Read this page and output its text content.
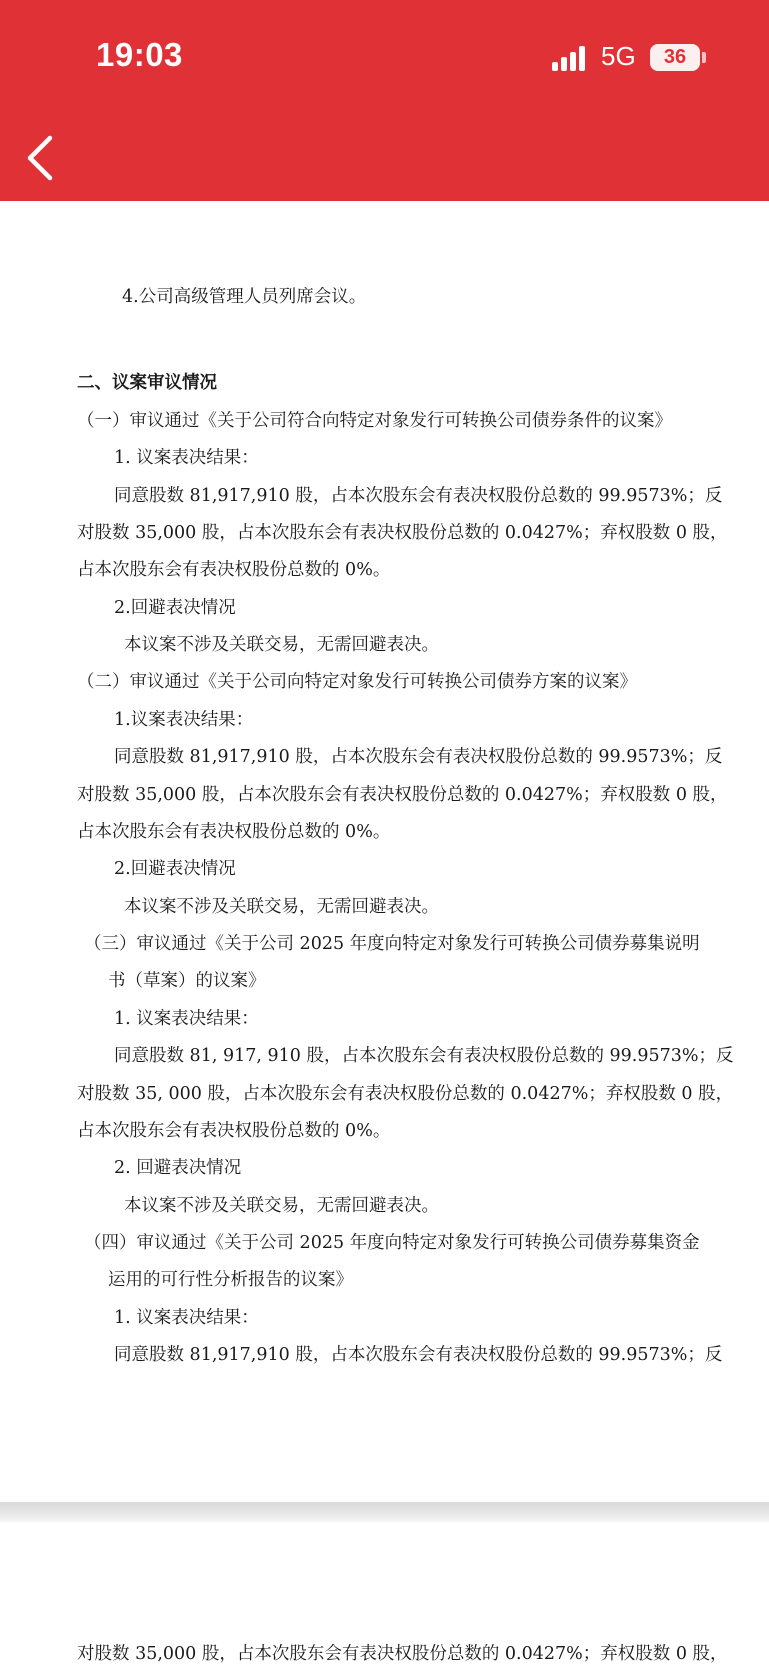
19:03	5G	36
4.公司高级管理人员列席会议。
二、议案审议情况
（一）审议通过《关于公司符合向特定对象发行可转换公司债券条件的议案》
1. 议案表决结果：
同意股数 81,917,910 股，占本次股东会有表决权股份总数的 99.9573%；反
对股数 35,000 股，占本次股东会有表决权股份总数的 0.0427%；弃权股数 0 股，
占本次股东会有表决权股份总数的 0%。
2.回避表决情况
本议案不涉及关联交易，无需回避表决。
（二）审议通过《关于公司向特定对象发行可转换公司债券方案的议案》
1.议案表决结果：
同意股数 81,917,910 股，占本次股东会有表决权股份总数的 99.9573%；反
对股数 35,000 股，占本次股东会有表决权股份总数的 0.0427%；弃权股数 0 股，
占本次股东会有表决权股份总数的 0%。
2.回避表决情况
本议案不涉及关联交易，无需回避表决。
（三）审议通过《关于公司 2025 年度向特定对象发行可转换公司债券募集说明
书（草案）的议案》
1. 议案表决结果：
同意股数 81, 917, 910 股，占本次股东会有表决权股份总数的 99.9573%；反
对股数 35, 000 股，占本次股东会有表决权股份总数的 0.0427%；弃权股数 0 股，
占本次股东会有表决权股份总数的 0%。
2. 回避表决情况
本议案不涉及关联交易，无需回避表决。
（四）审议通过《关于公司 2025 年度向特定对象发行可转换公司债券募集资金
运用的可行性分析报告的议案》
1. 议案表决结果：
同意股数 81,917,910 股，占本次股东会有表决权股份总数的 99.9573%；反
对股数 35,000 股，占本次股东会有表决权股份总数的 0.0427%；弃权股数 0 股，
